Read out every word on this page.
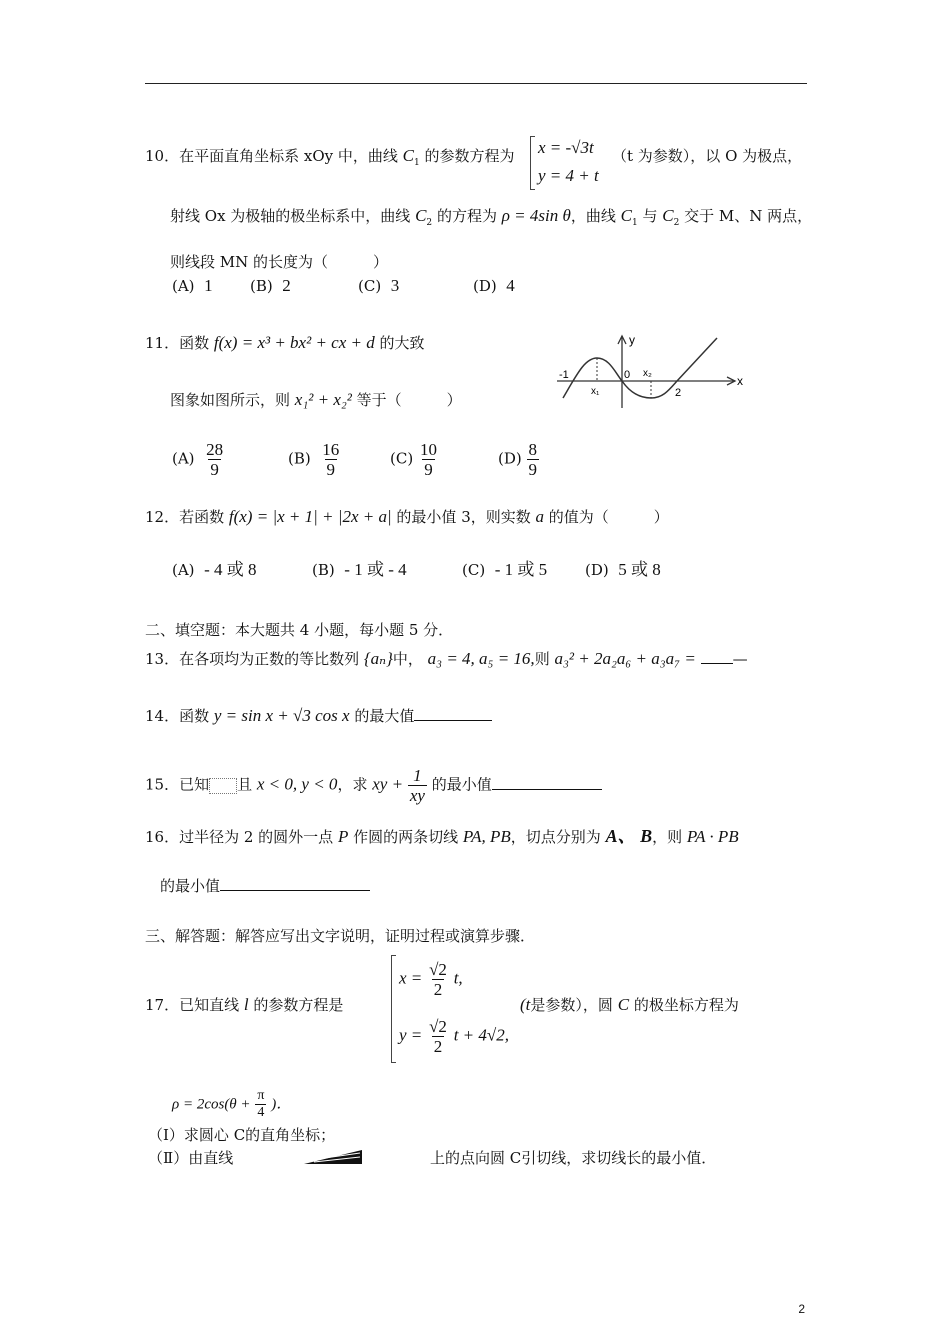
10．在平面直角坐标系 xOy 中，曲线 $C_1$ 的参数方程为 x = -√3t
y = 4 + t
（t 为参数），以 O 为极点，
射线 Ox 为极轴的极坐标系中，曲线 $C_2$ 的方程为 ρ = 4sin θ，曲线 $C_1$ 与 $C_2$ 交于 M、N 两点，
则线段 MN 的长度为（　　　）
(A) 1 (B) 2	(C) 3	(D) 4
11．函数 f(x) = x³ + bx² + cx + d 的大致
图象如图所示，则 x₁² + x₂² 等于（　　　）
y
x
-1	0
x₁
x₂
2
$(A) \frac{28}{9}$	$(B) \frac{16}{9}$	$(C) \frac{10}{9}$	$(D) \frac{8}{9}$
12．若函数 f(x) = |x + 1| + |2x + a| 的最小值 3，则实数 a 的值为（　　　）
(A) - 4 或 8	(B) - 1 或 - 4	(C) - 1 或 5	(D) 5 或 8
二、填空题：本大题共 4 小题，每小题 5 分．
13．在各项均为正数的等比数列 {aₙ}中， a₃ = 4, a₅ = 16,则 a₃² + 2a₂a₆ + a₃a₇ = —
14．函数 y = sin x + √3 cos x 的最大值
15．已知 且 x < 0, y < 0，求 xy + $\frac{1}{xy}$ 的最小值
16．过半径为 2 的圆外一点 P 作圆的两条切线 PA, PB，切点分别为 A、 B，则 PA · PB
的最小值
三、解答题：解答应写出文字说明，证明过程或演算步骤．
17．已知直线 l 的参数方程是
$x = \frac{√2}{2} t$,
$y = \frac{√2}{2}$ t + 4√2,
(t是参数），圆 C 的极坐标方程为
$\rho = 2\cos(\theta + \frac{\pi}{4}$ )．
（Ⅰ）求圆心 C的直角坐标；
（Ⅱ）由直线	上的点向圆 C引切线，求切线长的最小值．
2
